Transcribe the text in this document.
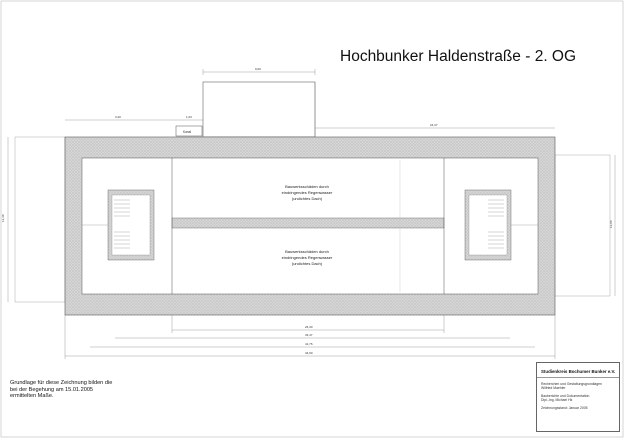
Kanal
Bauwerksschäden durch
eindringendes Regenwasser
(undichtes Dach)
Bauwerksschäden durch
eindringendes Regenwasser
(undichtes Dach)
9,00
3,20	1,03
24,37
26,30
33,47
41,76
44,90
13,30
13,06
Hochbunker Haldenstraße - 2. OG
Grundlage für diese Zeichnung bilden die
bei der Begehung am 15.01.2005
ermittelten Maße.
Studienkreis Bochumer Bunker e.V.
Recherchen und Gestaltungsgrundlagen
Wilfried Maehler
Bauberichte und Dokumentation
Dipl.-Ing. Michael Hk
Zeichnungsstand: Januar 2005
